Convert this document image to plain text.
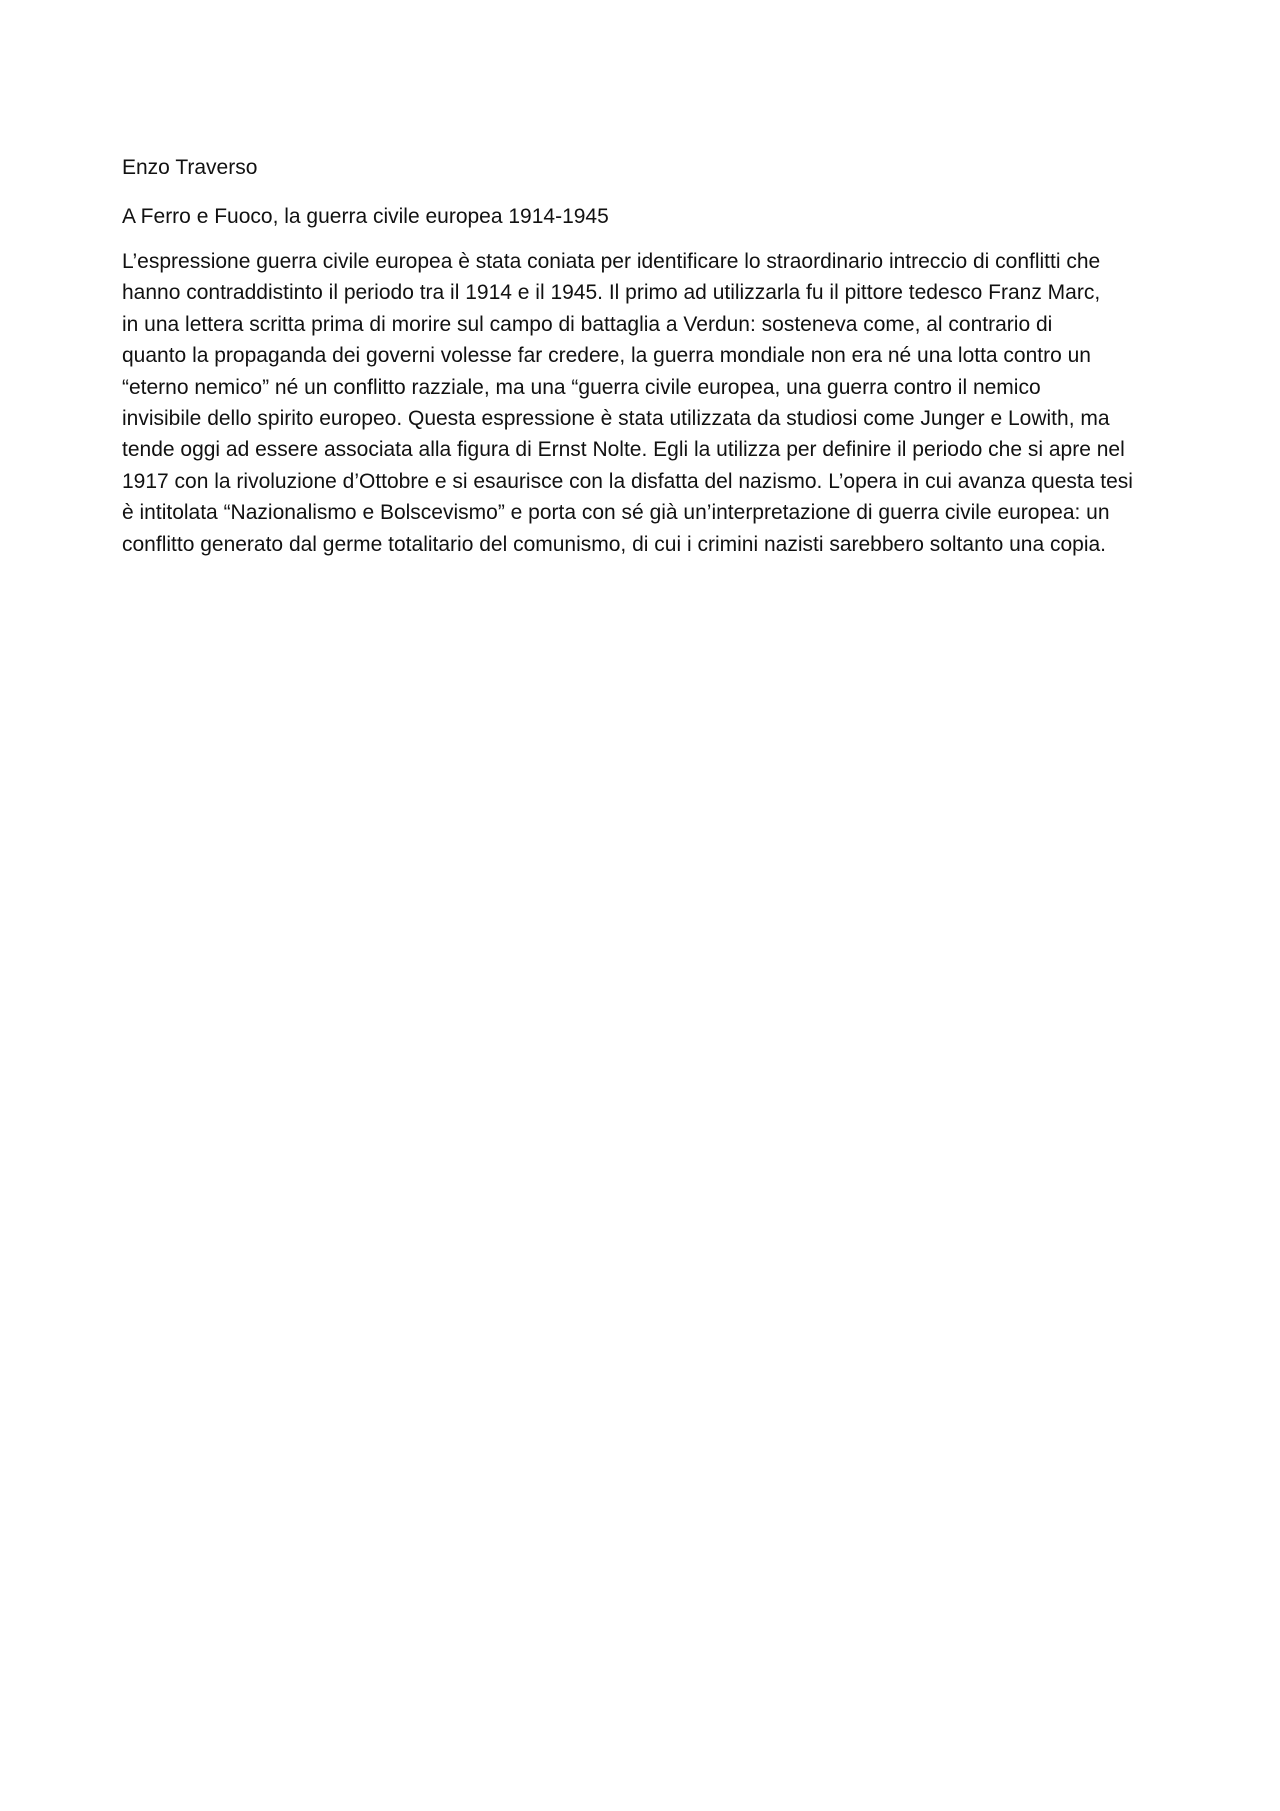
Enzo Traverso

A Ferro e Fuoco, la guerra civile europea 1914-1945

L’espressione guerra civile europea è stata coniata per identificare lo straordinario intreccio di conflitti che
hanno contraddistinto il periodo tra il 1914 e il 1945. Il primo ad utilizzarla fu il pittore tedesco Franz Marc,
in una lettera scritta prima di morire sul campo di battaglia a Verdun: sosteneva come, al contrario di
quanto la propaganda dei governi volesse far credere, la guerra mondiale non era né una lotta contro un
“eterno nemico” né un conflitto razziale, ma una “guerra civile europea, una guerra contro il nemico
invisibile dello spirito europeo. Questa espressione è stata utilizzata da studiosi come Junger e Lowith, ma
tende oggi ad essere associata alla figura di Ernst Nolte. Egli la utilizza per definire il periodo che si apre nel
1917 con la rivoluzione d’Ottobre e si esaurisce con la disfatta del nazismo. L’opera in cui avanza questa tesi
è intitolata “Nazionalismo e Bolscevismo” e porta con sé già un’interpretazione di guerra civile europea: un
conflitto generato dal germe totalitario del comunismo, di cui i crimini nazisti sarebbero soltanto una copia.
